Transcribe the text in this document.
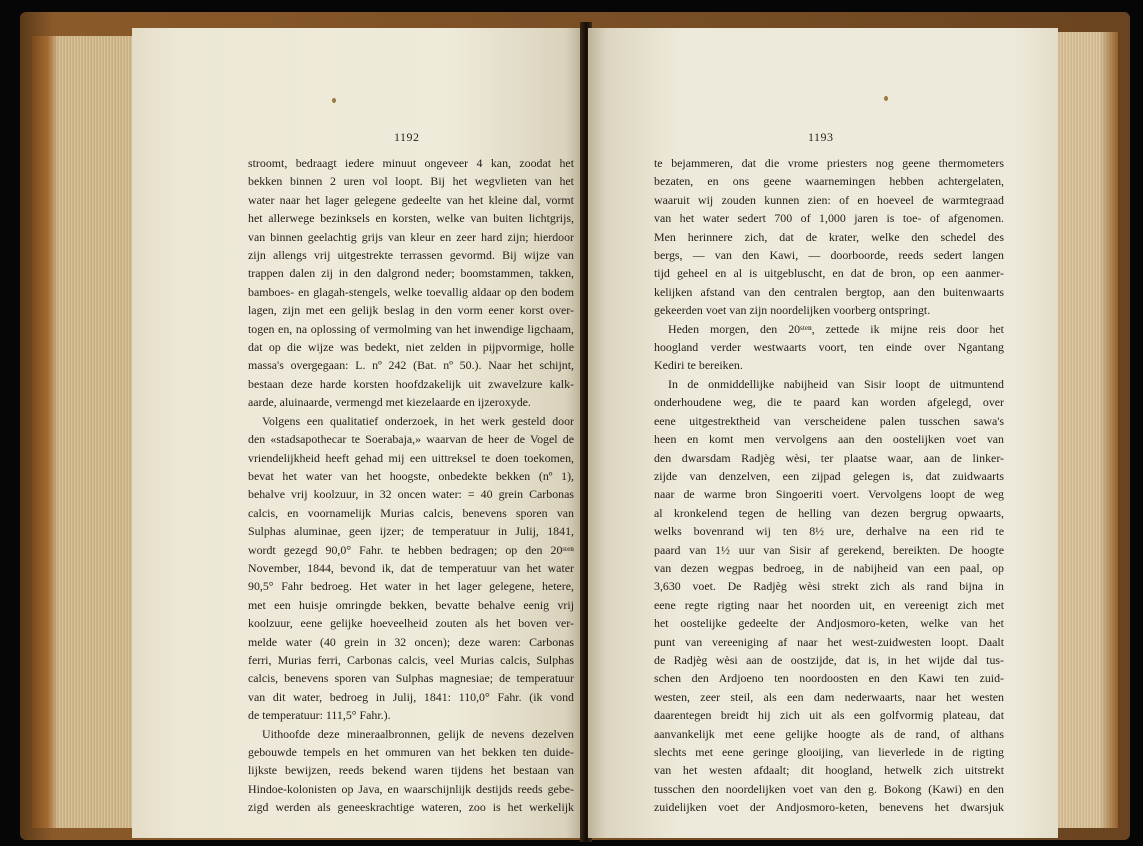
1192
stroomt, bedraagt iedere minuut ongeveer 4 kan, zoodat het
bekken binnen 2 uren vol loopt. Bij het wegvlieten van het
water naar het lager gelegene gedeelte van het kleine dal, vormt
het allerwege bezinksels en korsten, welke van buiten lichtgrijs,
van binnen geelachtig grijs van kleur en zeer hard zijn; hierdoor
zijn allengs vrij uitgestrekte terrassen gevormd. Bij wijze van
trappen dalen zij in den dalgrond neder; boomstammen, takken,
bamboes- en glagah-stengels, welke toevallig aldaar op den bodem
lagen, zijn met een gelijk beslag in den vorm eener korst over-
togen en, na oplossing of vermolming van het inwendige ligchaam,
dat op die wijze was bedekt, niet zelden in pijpvormige, holle
massa's overgegaan: L. nº 242 (Bat. nº 50.). Naar het schijnt,
bestaan deze harde korsten hoofdzakelijk uit zwavelzure kalk-
aarde, aluinaarde, vermengd met kiezelaarde en ijzeroxyde.
Volgens een qualitatief onderzoek, in het werk gesteld door
den «stadsapothecar te Soerabaja,» waarvan de heer de Vogel de
vriendelijkheid heeft gehad mij een uittreksel te doen toekomen,
bevat het water van het hoogste, onbedekte bekken (nº 1),
behalve vrij koolzuur, in 32 oncen water: = 40 grein Carbonas
calcis, en voornamelijk Murias calcis, benevens sporen van
Sulphas aluminae, geen ijzer; de temperatuur in Julij, 1841,
wordt gezegd 90,0° Fahr. te hebben bedragen; op den 20ˢᵗᵉⁿ
November, 1844, bevond ik, dat de temperatuur van het water
90,5° Fahr bedroeg. Het water in het lager gelegene, hetere,
met een huisje omringde bekken, bevatte behalve eenig vrij
koolzuur, eene gelijke hoeveelheid zouten als het boven ver-
melde water (40 grein in 32 oncen); deze waren: Carbonas
ferri, Murias ferri, Carbonas calcis, veel Murias calcis, Sulphas
calcis, benevens sporen van Sulphas magnesiae; de temperatuur
van dit water, bedroeg in Julij, 1841: 110,0° Fahr. (ik vond
de temperatuur: 111,5° Fahr.).
Uithoofde deze mineraalbronnen, gelijk de nevens dezelven
gebouwde tempels en het ommuren van het bekken ten duide-
lijkste bewijzen, reeds bekend waren tijdens het bestaan van
Hindoe-kolonisten op Java, en waarschijnlijk destijds reeds gebe-
zigd werden als geneeskrachtige wateren, zoo is het werkelijk
1193
te bejammeren, dat die vrome priesters nog geene thermometers
bezaten, en ons geene waarnemingen hebben achtergelaten,
waaruit wij zouden kunnen zien: of en hoeveel de warmtegraad
van het water sedert 700 of 1,000 jaren is toe- of afgenomen.
Men herinnere zich, dat de krater, welke den schedel des
bergs, — van den Kawi, — doorboorde, reeds sedert langen
tijd geheel en al is uitgebluscht, en dat de bron, op een aanmer-
kelijken afstand van den centralen bergtop, aan den buitenwaarts
gekeerden voet van zijn noordelijken voorberg ontspringt.
Heden morgen, den 20ˢᵗᵉⁿ, zettede ik mijne reis door het
hoogland verder westwaarts voort, ten einde over Ngantang
Kediri te bereiken.
In de onmiddellijke nabijheid van Sisir loopt de uitmuntend
onderhoudene weg, die te paard kan worden afgelegd, over
eene uitgestrektheid van verscheidene palen tusschen sawa's
heen en komt men vervolgens aan den oostelijken voet van
den dwarsdam Radjèg wèsi, ter plaatse waar, aan de linker-
zijde van denzelven, een zijpad gelegen is, dat zuidwaarts
naar de warme bron Singoeriti voert. Vervolgens loopt de weg
al kronkelend tegen de helling van dezen bergrug opwaarts,
welks bovenrand wij ten 8½ ure, derhalve na een rid te
paard van 1½ uur van Sisir af gerekend, bereikten. De hoogte
van dezen wegpas bedroeg, in de nabijheid van een paal, op
3,630 voet. De Radjèg wèsi strekt zich als rand bijna in
eene regte rigting naar het noorden uit, en vereenigt zich met
het oostelijke gedeelte der Andjosmoro-keten, welke van het
punt van vereeniging af naar het west-zuidwesten loopt. Daalt
de Radjèg wèsi aan de oostzijde, dat is, in het wijde dal tus-
schen den Ardjoeno ten noordoosten en den Kawi ten zuid-
westen, zeer steil, als een dam nederwaarts, naar het westen
daarentegen breidt hij zich uit als een golfvormig plateau, dat
aanvankelijk met eene gelijke hoogte als de rand, of althans
slechts met eene geringe glooijing, van lieverlede in de rigting
van het westen afdaalt; dit hoogland, hetwelk zich uitstrekt
tusschen den noordelijken voet van den g. Bokong (Kawi) en den
zuidelijken voet der Andjosmoro-keten, benevens het dwarsjuk
